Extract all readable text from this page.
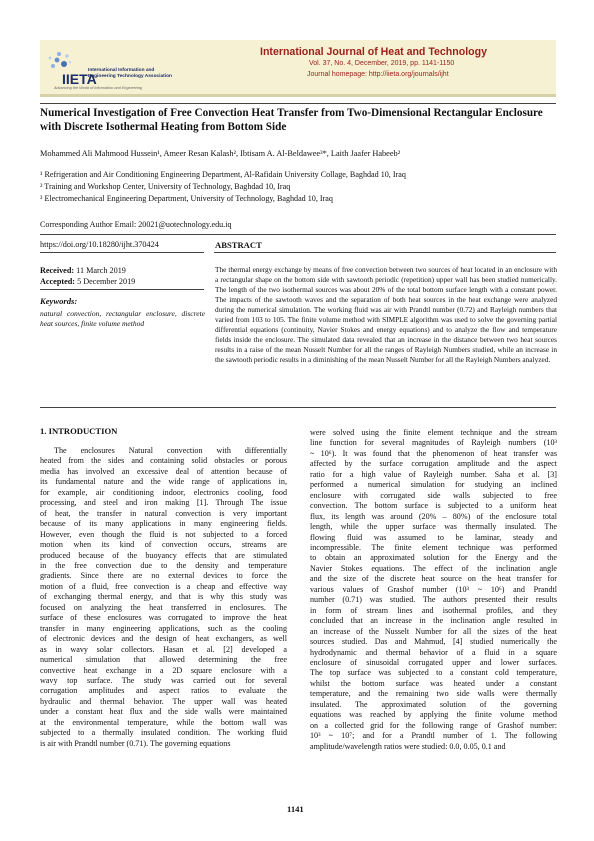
IIETA
International Information and
Engineering Technology Association
Advancing the World of Information and Engineering
International Journal of Heat and Technology
Vol. 37, No. 4, December, 2019, pp. 1141-1150
Journal homepage: http://iieta.org/journals/ijht
Numerical Investigation of Free Convection Heat Transfer from Two-Dimensional Rectangular Enclosure with Discrete Isothermal Heating from Bottom Side
Mohammed Ali Mahmood Hussein¹, Ameer Resan Kalash², Ibtisam A. Al-Beldawee³*, Laith Jaafer Habeeb²
¹ Refrigeration and Air Conditioning Engineering Department, Al-Rafidain University Collage, Baghdad 10, Iraq
² Training and Workshop Center, University of Technology, Baghdad 10, Iraq
³ Electromechanical Engineering Department, University of Technology, Baghdad 10, Iraq
Corresponding Author Email: 20021@uotechnology.edu.iq
https://doi.org/10.18280/ijht.370424	ABSTRACT
Received: 11 March 2019
Accepted: 5 December 2019
Keywords:
natural convection, rectangular enclosure, discrete heat sources, finite volume method
The thermal energy exchange by means of free convection between two sources of heat located in an enclosure with a rectangular shape on the bottom side with sawtooth periodic (repetition) upper wall has been studied numerically. The length of the two isothermal sources was about 20% of the total bottom surface length with a constant power. The impacts of the sawtooth waves and the separation of both heat sources in the heat exchange were analyzed during the numerical simulation. The working fluid was air with Prandtl number (0.72) and Rayleigh numbers that varied from 103 to 105. The finite volume method with SIMPLE algorithm was used to solve the governing partial differential equations (continuity, Navier Stokes and energy equations) and to analyze the flow and temperature fields inside the enclosure. The simulated data revealed that an increase in the distance between two heat sources results in a raise of the mean Nusselt Number for all the ranges of Rayleigh Numbers studied, while an increase in the sawtooth periodic results in a diminishing of the mean Nusselt Number for all the Rayleigh Numbers analyzed.
1. INTRODUCTION
The enclosures Natural convection with differentially
heated from the sides and containing solid obstacles or porous
media has involved an excessive deal of attention because of
its fundamental nature and the wide range of applications in,
for example, air conditioning indoor, electronics cooling, food
processing, and steel and iron making [1]. Through The issue
of heat, the transfer in natural convection is very important
because of its many applications in many engineering fields.
However, even though the fluid is not subjected to a forced
motion when its kind of convection occurs, streams are
produced because of the buoyancy effects that are stimulated
in the free convection due to the density and temperature
gradients. Since there are no external devices to force the
motion of a fluid, free convection is a cheap and effective way
of exchanging thermal energy, and that is why this study was
focused on analyzing the heat transferred in enclosures. The
surface of these enclosures was corrugated to improve the heat
transfer in many engineering applications, such as the cooling
of electronic devices and the design of heat exchangers, as well
as in wavy solar collectors. Hasan et al. [2] developed a
numerical simulation that allowed determining the free
convective heat exchange in a 2D square enclosure with a
wavy top surface. The study was carried out for several
corrugation amplitudes and aspect ratios to evaluate the
hydraulic and thermal behavior. The upper wall was heated
under a constant heat flux and the side walls were maintained
at the environmental temperature, while the bottom wall was
subjected to a thermally insulated condition. The working fluid
is air with Prandtl number (0.71). The governing equations
were solved using the finite element technique and the stream
line function for several magnitudes of Rayleigh numbers (10³
~ 10⁶). It was found that the phenomenon of heat transfer was
affected by the surface corrugation amplitude and the aspect
ratio for a high value of Rayleigh number. Saha et al. [3]
performed a numerical simulation for studying an inclined
enclosure with corrugated side walls subjected to free
convection. The bottom surface is subjected to a uniform heat
flux, its length was around (20% – 80%) of the enclosure total
length, while the upper surface was thermally insulated. The
flowing fluid was assumed to be laminar, steady and
incompressible. The finite element technique was performed
to obtain an approximated solution for the Energy and the
Navier Stokes equations. The effect of the inclination angle
and the size of the discrete heat source on the heat transfer for
various values of Grashof number (10³ ~ 10⁶) and Prandtl
number (0.71) was studied. The authors presented their results
in form of stream lines and isothermal profiles, and they
concluded that an increase in the inclination angle resulted in
an increase of the Nusselt Number for all the sizes of the heat
sources studied. Das and Mahmud, [4] studied numerically the
hydrodynamic and thermal behavior of a fluid in a square
enclosure of sinusoidal corrugated upper and lower surfaces.
The top surface was subjected to a constant cold temperature,
whilst the bottom surface was heated under a constant
temperature, and the remaining two side walls were thermally
insulated. The approximated solution of the governing
equations was reached by applying the finite volume method
on a collected grid for the following range of Grashof number:
10³ ~ 10⁷; and for a Prandtl number of 1. The following
amplitude/wavelength ratios were studied: 0.0, 0.05, 0.1 and
1141
